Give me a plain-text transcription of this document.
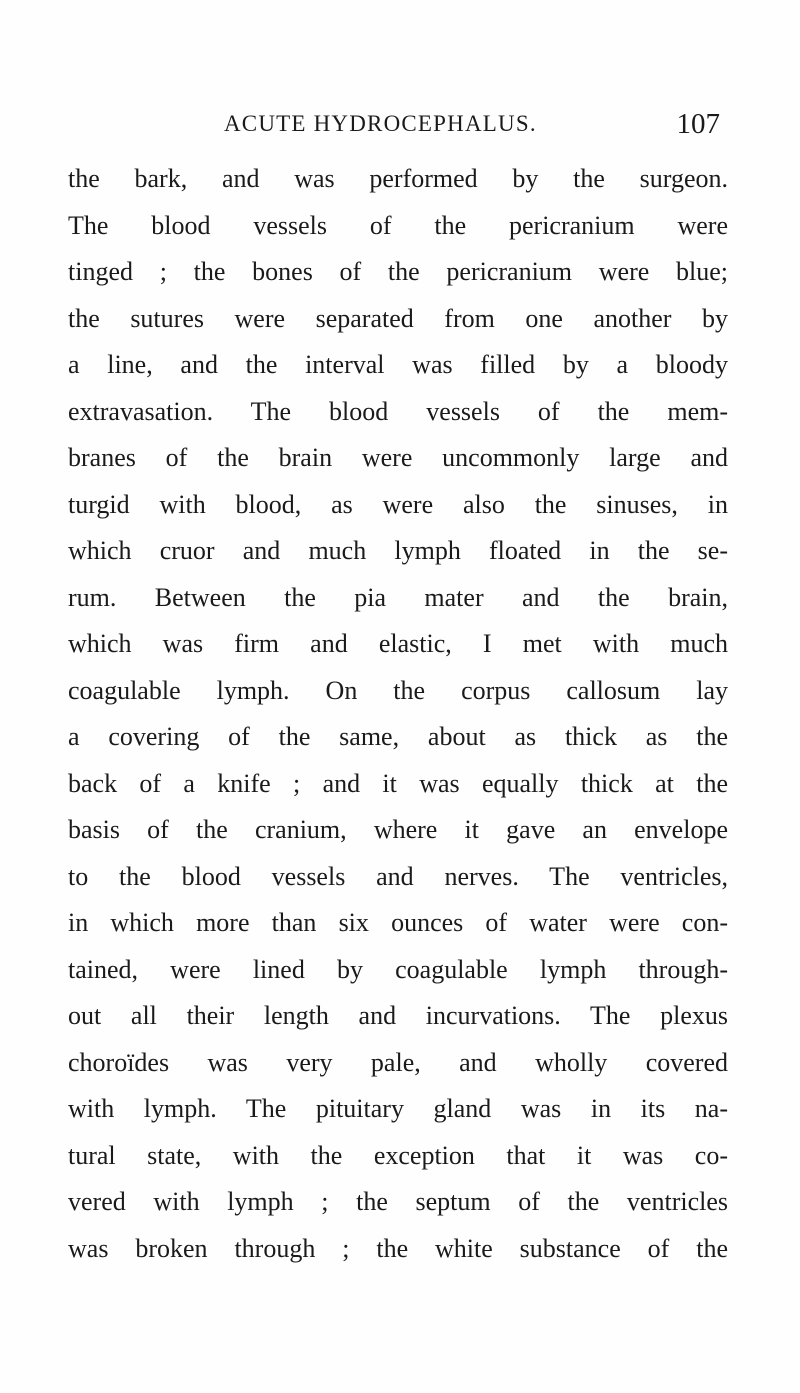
ACUTE HYDROCEPHALUS.	107
the bark, and was performed by the surgeon.
The blood vessels of the pericranium were
tinged ; the bones of the pericranium were blue;
the sutures were separated from one another by
a line, and the interval was filled by a bloody
extravasation. The blood vessels of the mem-
branes of the brain were uncommonly large and
turgid with blood, as were also the sinuses, in
which cruor and much lymph floated in the se-
rum. Between the pia mater and the brain,
which was firm and elastic, I met with much
coagulable lymph. On the corpus callosum lay
a covering of the same, about as thick as the
back of a knife ; and it was equally thick at the
basis of the cranium, where it gave an envelope
to the blood vessels and nerves. The ventricles,
in which more than six ounces of water were con-
tained, were lined by coagulable lymph through-
out all their length and incurvations. The plexus
choroïdes was very pale, and wholly covered
with lymph. The pituitary gland was in its na-
tural state, with the exception that it was co-
vered with lymph ; the septum of the ventricles
was broken through ; the white substance of the
